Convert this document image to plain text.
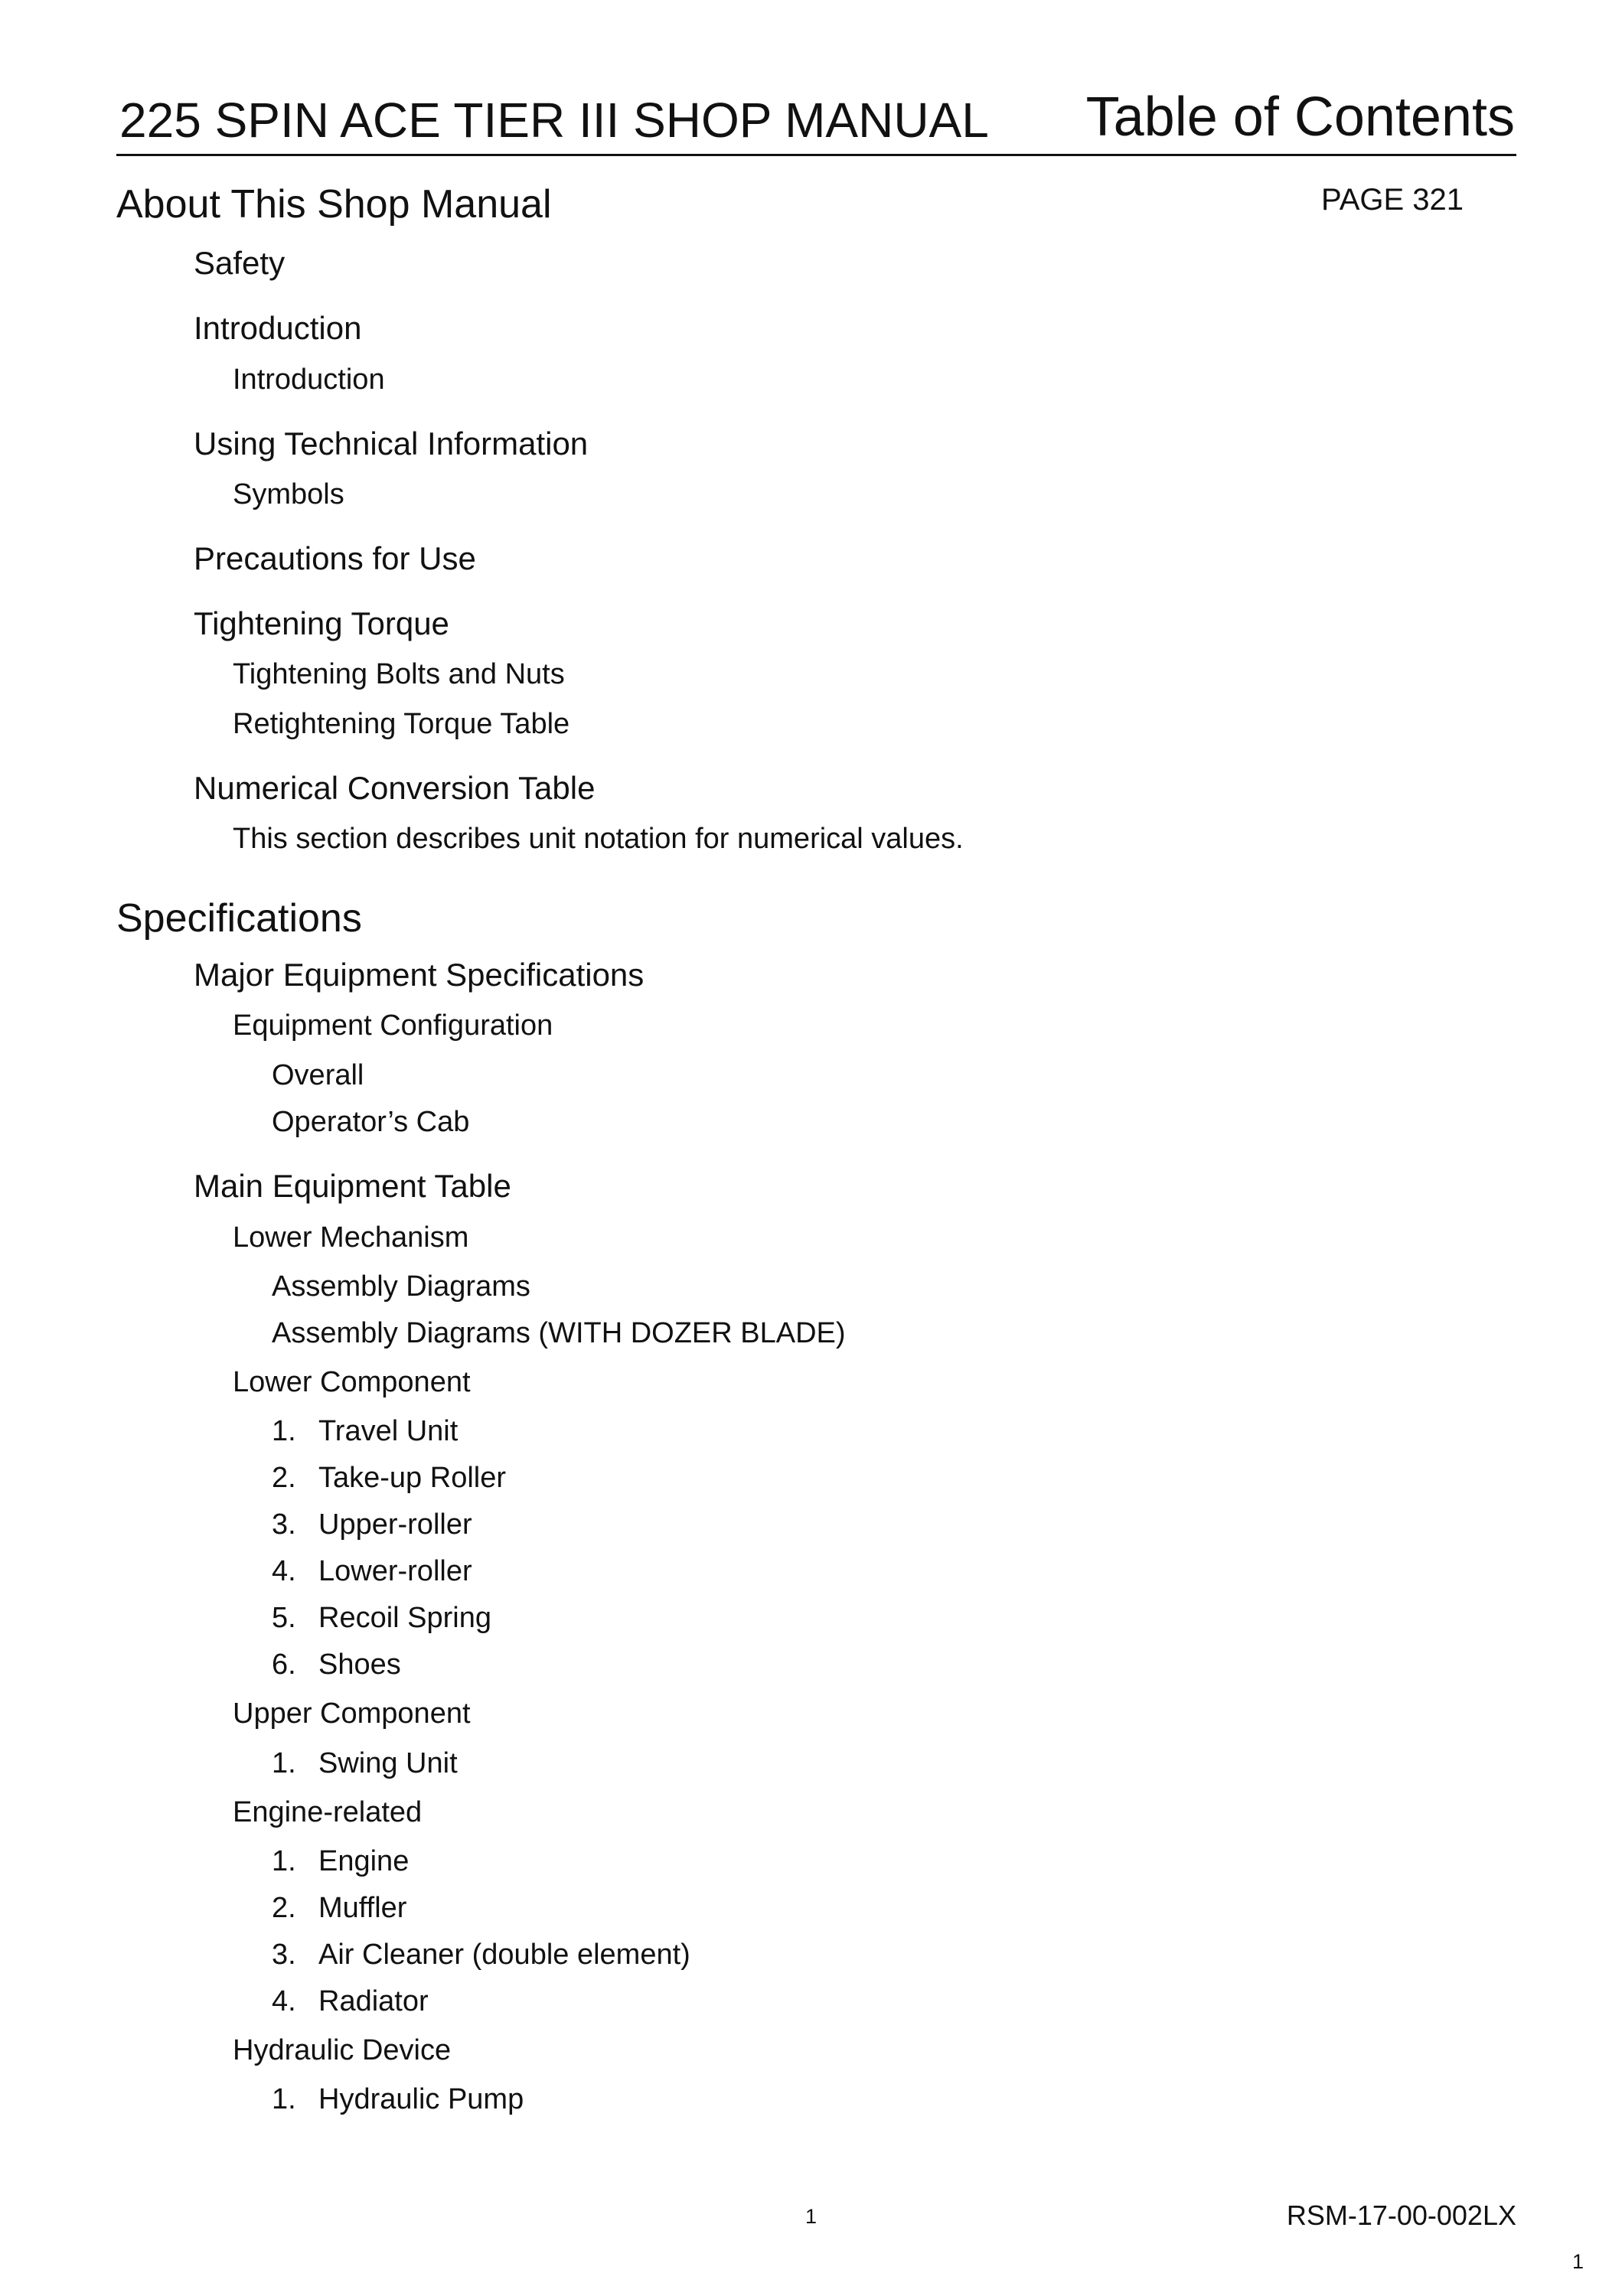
225 SPIN ACE TIER III SHOP MANUAL Table of Contents
PAGE 321
About This Shop Manual
Safety
Introduction
Introduction
Using Technical Information
Symbols
Precautions for Use
Tightening Torque
Tightening Bolts and Nuts
Retightening Torque Table
Numerical Conversion Table
This section describes unit notation for numerical values.
Specifications
Major Equipment Specifications
Equipment Configuration
Overall
Operator’s Cab
Main Equipment Table
Lower Mechanism
Assembly Diagrams
Assembly Diagrams (WITH DOZER BLADE)
Lower Component
1. Travel Unit
2. Take-up Roller
3. Upper-roller
4. Lower-roller
5. Recoil Spring
6. Shoes
Upper Component
1. Swing Unit
Engine-related
1. Engine
2. Muffler
3. Air Cleaner (double element)
4. Radiator
Hydraulic Device
1. Hydraulic Pump
1	RSM-17-00-002LX
1
